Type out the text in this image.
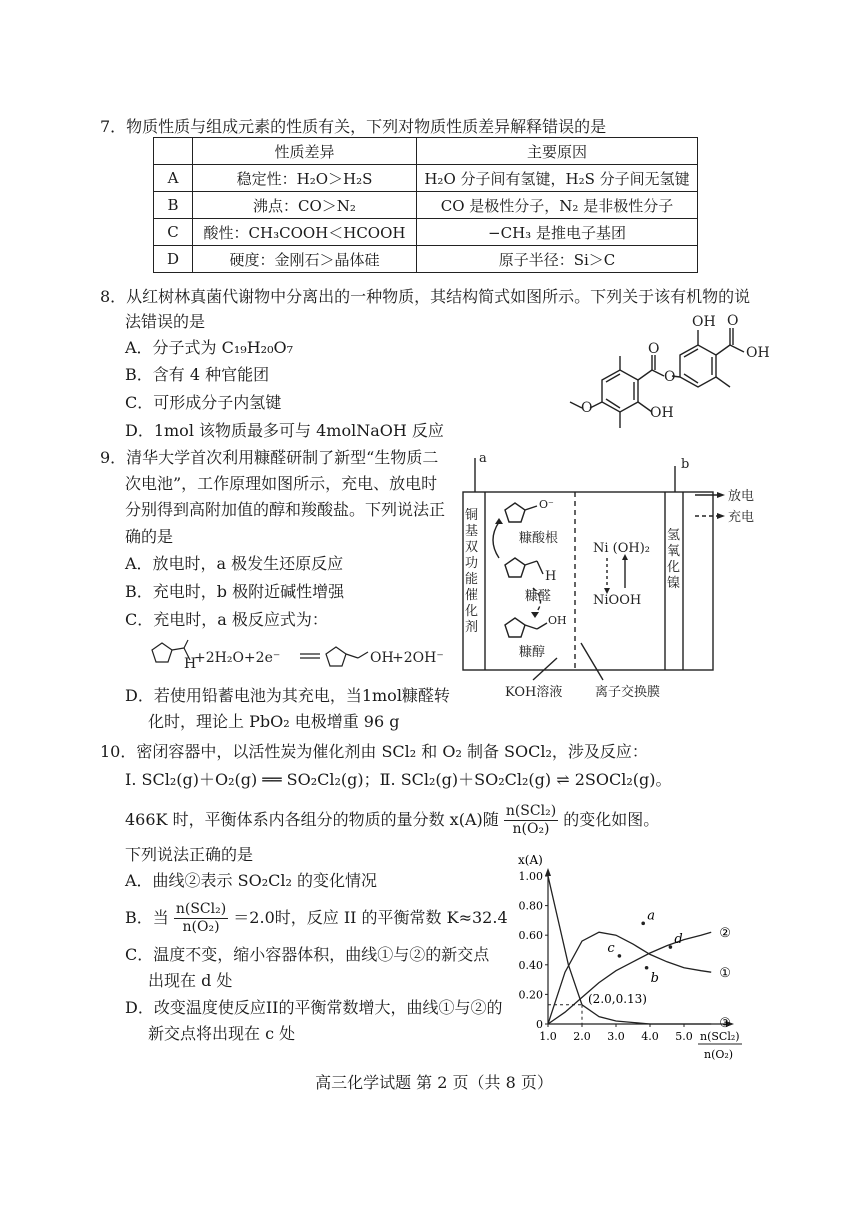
7．物质性质与组成元素的性质有关，下列对物质性质差异解释错误的是
	性质差异	主要原因
A	稳定性：H₂O＞H₂S	H₂O 分子间有氢键，H₂S 分子间无氢键
B	沸点：CO＞N₂	CO 是极性分子，N₂ 是非极性分子
C	酸性：CH₃COOH＜HCOOH	−CH₃ 是推电子基团
D	硬度：金刚石＞晶体硅	原子半径：Si＞C
8．从红树林真菌代谢物中分离出的一种物质，其结构简式如图所示。下列关于该有机物的说
法错误的是
A．分子式为 C₁₉H₂₀O₇
B．含有 4 种官能团
C．可形成分子内氢键
D．1mol 该物质最多可与 4molNaOH 反应
OH O
OH
O
O
OH
O
9．清华大学首次利用糠醛研制了新型“生物质二
次电池”，工作原理如图所示，充电、放电时
分别得到高附加值的醇和羧酸盐。下列说法正
确的是
A．放电时，a 极发生还原反应
B．充电时，b 极附近碱性增强
C．充电时，a 极反应式为：
H
+2H₂O+2e⁻	OH
+2OH⁻
D．若使用铅蓄电池为其充电，当1mol糠醛转
化时，理论上 PbO₂ 电极增重 96 g
a	b
放电
充电
O⁻
糠酸根
H
糠醛
OH
糠醇
Ni (OH)₂
NiOOH
KOH溶液	离子交换膜
铜基双功能催化剂
氢氧化镍
10．密闭容器中，以活性炭为催化剂由 SCl₂ 和 O₂ 制备 SOCl₂，涉及反应：
Ⅰ. SCl₂(g)＋O₂(g) ══ SO₂Cl₂(g)；Ⅱ. SCl₂(g)＋SO₂Cl₂(g) ⇌ 2SOCl₂(g)。
466K 时，平衡体系内各组分的物质的量分数 x(A)随 $\frac{\text{n(SCl₂)}}{\text{n(O₂)}}$ 的变化如图。
下列说法正确的是
A．曲线②表示 SO₂Cl₂ 的变化情况
B．当 $\frac{\text{n(SCl₂)}}{\text{n(O₂)}} =2.0$时，反应 II 的平衡常数 K≈32.4
C．温度不变，缩小容器体积，曲线①与②的新交点
出现在 d 处
D．改变温度使反应II的平衡常数增大，曲线①与②的
新交点将出现在 c 处
x(A)
n(SCl₂)
n(O₂)
0
0.20
0.40
0.60
0.80
1.00
1.0 2.0 3.0 4.0 5.0
①
②
③
(2.0,0.13)
a
b
c
d
高三化学试题 第 2 页（共 8 页）
